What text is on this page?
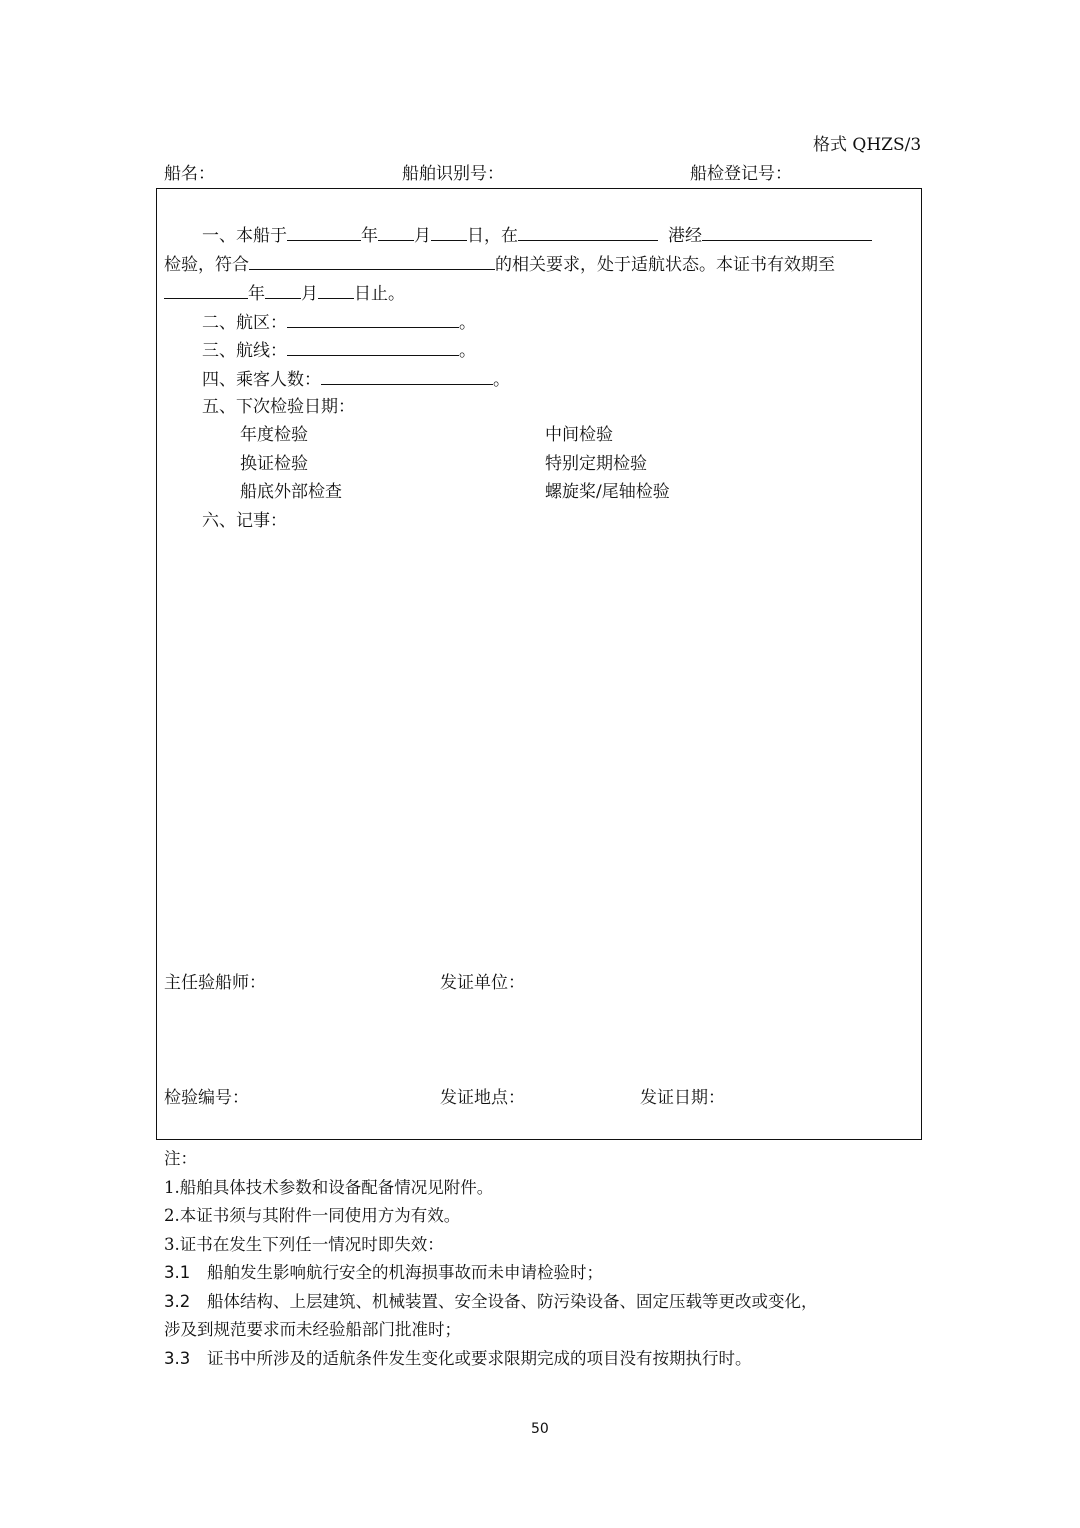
格式 QHZS/3
船名：	船舶识别号：	船检登记号：
一、本船于	年 月 日，在	港经
检验，符合	的相关要求，处于适航状态。本证书有效期至
年 月 日止。
二、航区：	。
三、航线：	。
四、乘客人数：	。
五、下次检验日期：
年度检验	中间检验
换证检验	特别定期检验
船底外部检查	螺旋桨/尾轴检验
六、记事：
主任验船师：	发证单位：
检验编号：	发证地点：	发证日期：
注：
1.船舶具体技术参数和设备配备情况见附件。
2.本证书须与其附件一同使用方为有效。
3.证书在发生下列任一情况时即失效：
3.1 船舶发生影响航行安全的机海损事故而未申请检验时；
3.2 船体结构、上层建筑、机械装置、安全设备、防污染设备、固定压载等更改或变化，
涉及到规范要求而未经验船部门批准时；
3.3 证书中所涉及的适航条件发生变化或要求限期完成的项目没有按期执行时。
50
